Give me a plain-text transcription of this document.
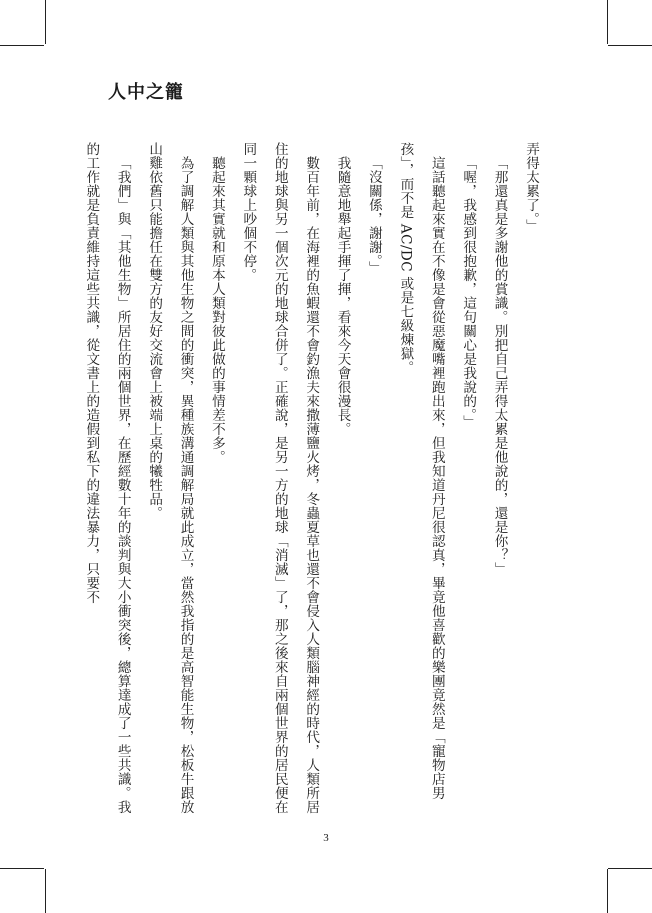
人中之籠

弄得太累了。」

「那還真是多謝他的賞識。別把自己弄得太累是他說的，還是你？」

「喔，我感到很抱歉，這句關心是我說的。」

這話聽起來實在不像是會從惡魔嘴裡跑出來，但我知道丹尼很認真，畢竟他喜歡的樂團竟然是「寵物店男孩」，而不是 AC/DC 或是七級煉獄。

「沒關係，謝謝。」

我隨意地舉起手揮了揮，看來今天會很漫長。

數百年前，在海裡的魚蝦還不會釣漁夫來撒薄鹽火烤，冬蟲夏草也還不會侵入人類腦神經的時代，人類所居住的地球與另一個次元的地球合併了。正確說，是另一方的地球「消滅」了，那之後來自兩個世界的居民便在同一顆球上吵個不停。

聽起來其實就和原本人類對彼此做的事情差不多。

為了調解人類與其他生物之間的衝突，異種族溝通調解局就此成立，當然我指的是高智能生物，松板牛跟放山雞依舊只能擔任在雙方的友好交流會上被端上桌的犧牲品。

「我們」與「其他生物」所居住的兩個世界，在歷經數十年的談判與大小衝突後，總算達成了一些共識。我的工作就是負責維持這些共識，從文書上的造假到私下的違法暴力，只要不

3
